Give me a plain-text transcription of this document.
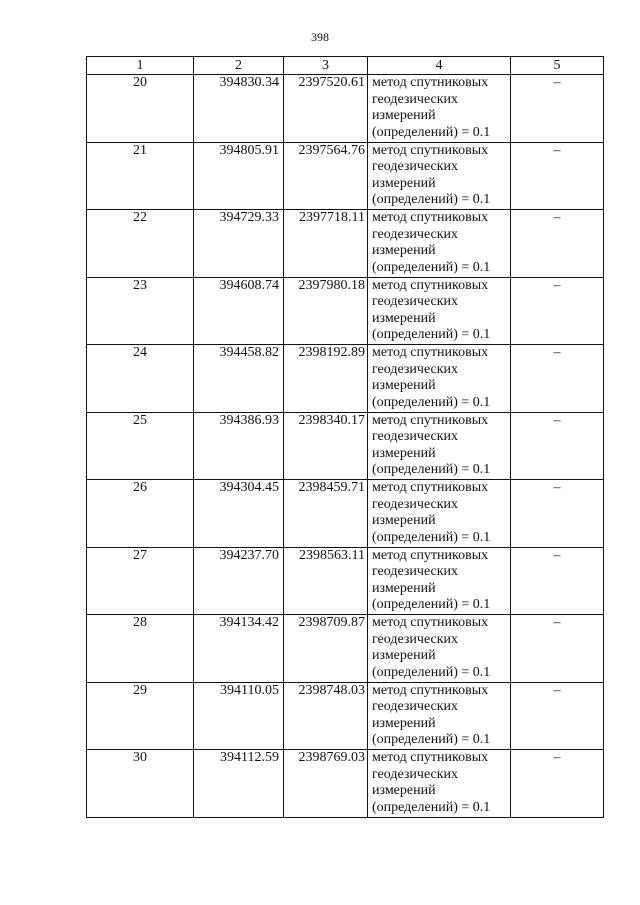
398
1	2	3	4	5
20	394830.34	2397520.61	метод спутниковых
геодезических
измерений
(определений) = 0.1	–
21	394805.91	2397564.76	метод спутниковых
геодезических
измерений
(определений) = 0.1	–
22	394729.33	2397718.11	метод спутниковых
геодезических
измерений
(определений) = 0.1	–
23	394608.74	2397980.18	метод спутниковых
геодезических
измерений
(определений) = 0.1	–
24	394458.82	2398192.89	метод спутниковых
геодезических
измерений
(определений) = 0.1	–
25	394386.93	2398340.17	метод спутниковых
геодезических
измерений
(определений) = 0.1	–
26	394304.45	2398459.71	метод спутниковых
геодезических
измерений
(определений) = 0.1	–
27	394237.70	2398563.11	метод спутниковых
геодезических
измерений
(определений) = 0.1	–
28	394134.42	2398709.87	метод спутниковых
геодезических
измерений
(определений) = 0.1	–
29	394110.05	2398748.03	метод спутниковых
геодезических
измерений
(определений) = 0.1	–
30	394112.59	2398769.03	метод спутниковых
геодезических
измерений
(определений) = 0.1	–
